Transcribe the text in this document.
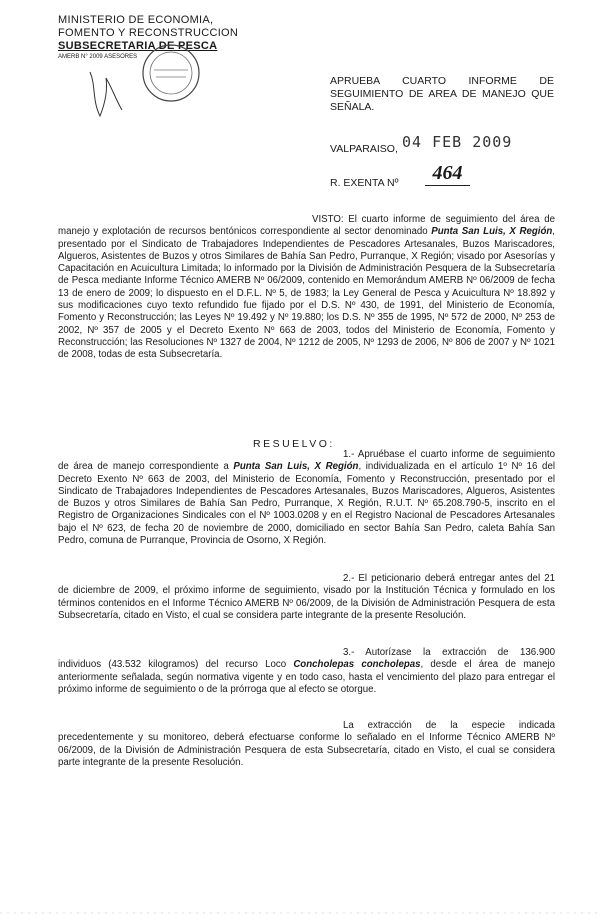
MINISTERIO DE ECONOMIA,
FOMENTO Y RECONSTRUCCION
SUBSECRETARIA DE PESCA
AMERB N° 2009 ASESORES
APRUEBA CUARTO INFORME DE SEGUIMIENTO DE AREA DE MANEJO QUE SEÑALA.
VALPARAISO, 04 FEB 2009
R. EXENTA Nº	464
VISTO: El cuarto informe de seguimiento del área de manejo y explotación de recursos bentónicos correspondiente al sector denominado Punta San Luis, X Región, presentado por el Sindicato de Trabajadores Independientes de Pescadores Artesanales, Buzos Mariscadores, Algueros, Asistentes de Buzos y otros Similares de Bahía San Pedro, Purranque, X Región; visado por Asesorías y Capacitación en Acuicultura Limitada; lo informado por la División de Administración Pesquera de la Subsecretaría de Pesca mediante Informe Técnico AMERB Nº 06/2009, contenido en Memorándum AMERB Nº 06/2009 de fecha 13 de enero de 2009; lo dispuesto en el D.F.L. Nº 5, de 1983; la Ley General de Pesca y Acuicultura Nº 18.892 y sus modificaciones cuyo texto refundido fue fijado por el D.S. Nº 430, de 1991, del Ministerio de Economía, Fomento y Reconstrucción; las Leyes Nº 19.492 y Nº 19.880; los D.S. Nº 355 de 1995, Nº 572 de 2000, Nº 253 de 2002, Nº 357 de 2005 y el Decreto Exento Nº 663 de 2003, todos del Ministerio de Economía, Fomento y Reconstrucción; las Resoluciones Nº 1327 de 2004, Nº 1212 de 2005, Nº 1293 de 2006, Nº 806 de 2007 y Nº 1021 de 2008, todas de esta Subsecretaría.
RESUELVO:
1.- Apruébase el cuarto informe de seguimiento de área de manejo correspondiente a Punta San Luis, X Región, individualizada en el artículo 1º Nº 16 del Decreto Exento Nº 663 de 2003, del Ministerio de Economía, Fomento y Reconstrucción, presentado por el Sindicato de Trabajadores Independientes de Pescadores Artesanales, Buzos Mariscadores, Algueros, Asistentes de Buzos y otros Similares de Bahía San Pedro, Purranque, X Región, R.U.T. Nº 65.208.790-5, inscrito en el Registro de Organizaciones Sindicales con el Nº 1003.0208 y en el Registro Nacional de Pescadores Artesanales bajo el Nº 623, de fecha 20 de noviembre de 2000, domiciliado en sector Bahía San Pedro, caleta Bahía San Pedro, comuna de Purranque, Provincia de Osorno, X Región.
2.- El peticionario deberá entregar antes del 21 de diciembre de 2009, el próximo informe de seguimiento, visado por la Institución Técnica y formulado en los términos contenidos en el Informe Técnico AMERB Nº 06/2009, de la División de Administración Pesquera de esta Subsecretaría, citado en Visto, el cual se considera parte integrante de la presente Resolución.
3.- Autorízase la extracción de 136.900 individuos (43.532 kilogramos) del recurso Loco Concholepas concholepas, desde el área de manejo anteriormente señalada, según normativa vigente y en todo caso, hasta el vencimiento del plazo para entregar el próximo informe de seguimiento o de la prórroga que al efecto se otorgue.
La extracción de la especie indicada precedentemente y su monitoreo, deberá efectuarse conforme lo señalado en el Informe Técnico AMERB Nº 06/2009, de la División de Administración Pesquera de esta Subsecretaría, citado en Visto, el cual se considera parte integrante de la presente Resolución.
